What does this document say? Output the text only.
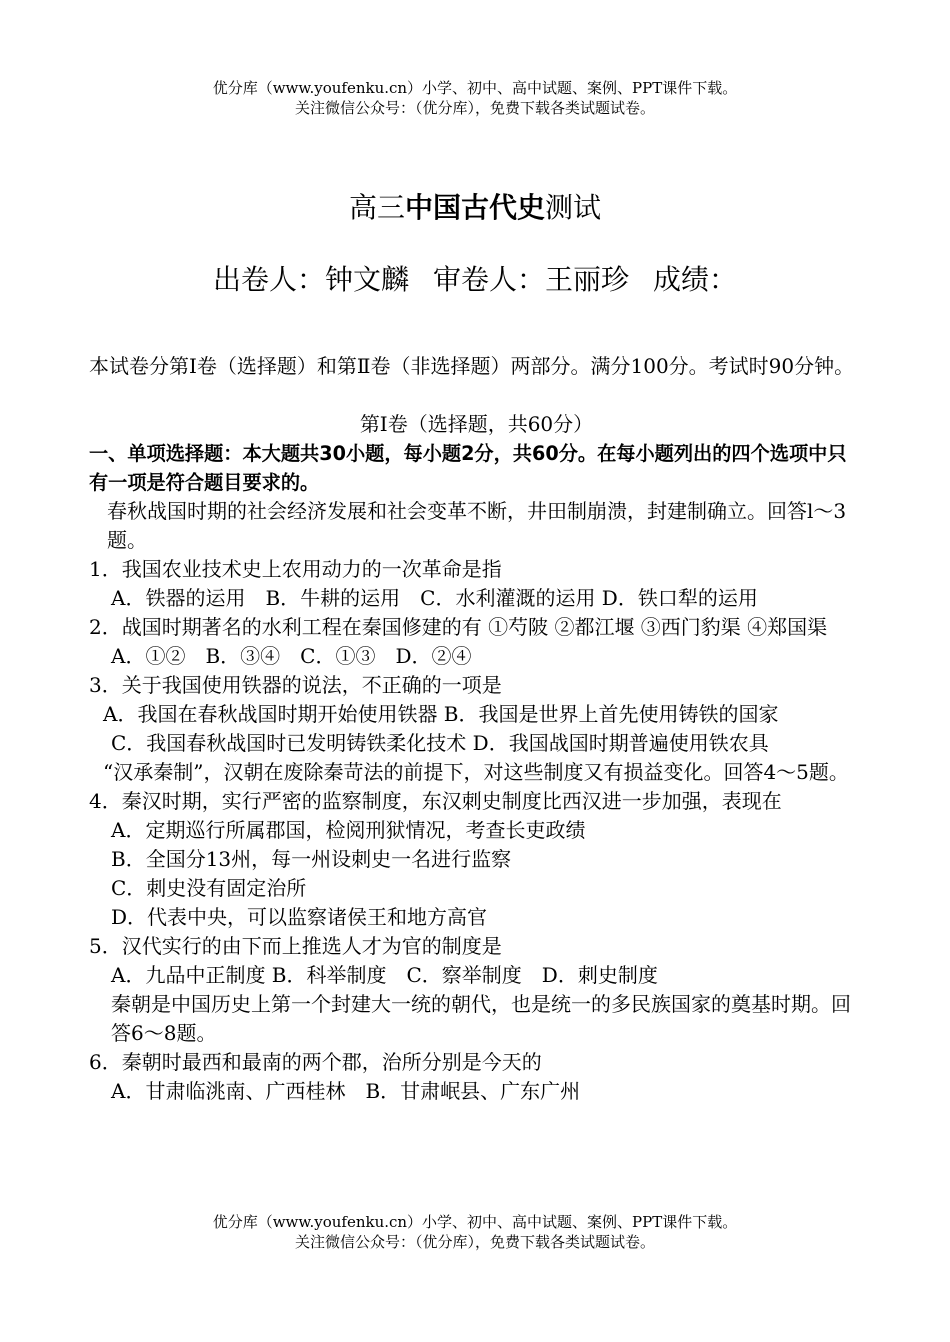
优分库（www.youfenku.cn）小学、初中、高中试题、案例、PPT课件下载。

关注微信公众号：（优分库），免费下载各类试题试卷。

高三中国古代史测试
出卷人：钟文麟 审卷人：王丽珍 成绩：

本试卷分第Ⅰ卷（选择题）和第Ⅱ卷（非选择题）两部分。满分100分。考试时90分钟。

第Ⅰ卷（选择题，共60分）

一、单项选择题：本大题共30小题，每小题2分，共60分。在每小题列出的四个选项中只有一项是符合题目要求的。

春秋战国时期的社会经济发展和社会变革不断，井田制崩溃，封建制确立。回答l～3题。

1．我国农业技术史上农用动力的一次革命是指

A．铁器的运用　B．牛耕的运用　C．水利灌溉的运用 D．铁口犁的运用

2．战国时期著名的水利工程在秦国修建的有 ①芍陂 ②都江堰 ③西门豹渠 ④郑国渠

A．①②　B．③④　C．①③　D．②④

3．关于我国使用铁器的说法，不正确的一项是

A．我国在春秋战国时期开始使用铁器 B．我国是世界上首先使用铸铁的国家

C．我国春秋战国时已发明铸铁柔化技术 D．我国战国时期普遍使用铁农具

“汉承秦制”，汉朝在废除秦苛法的前提下，对这些制度又有损益变化。回答4～5题。

4．秦汉时期，实行严密的监察制度，东汉刺史制度比西汉进一步加强，表现在

A．定期巡行所属郡国，检阅刑狱情况，考查长吏政绩

B．全国分13州，每一州设刺史一名进行监察

C．刺史没有固定治所

D．代表中央，可以监察诸侯王和地方高官

5．汉代实行的由下而上推选人才为官的制度是

A．九品中正制度 B．科举制度　C．察举制度　D．刺史制度

秦朝是中国历史上第一个封建大一统的朝代，也是统一的多民族国家的奠基时期。回答6～8题。

6．秦朝时最西和最南的两个郡，治所分别是今天的

A．甘肃临洮南、广西桂林　B．甘肃岷县、广东广州

优分库（www.youfenku.cn）小学、初中、高中试题、案例、PPT课件下载。

关注微信公众号：（优分库），免费下载各类试题试卷。
